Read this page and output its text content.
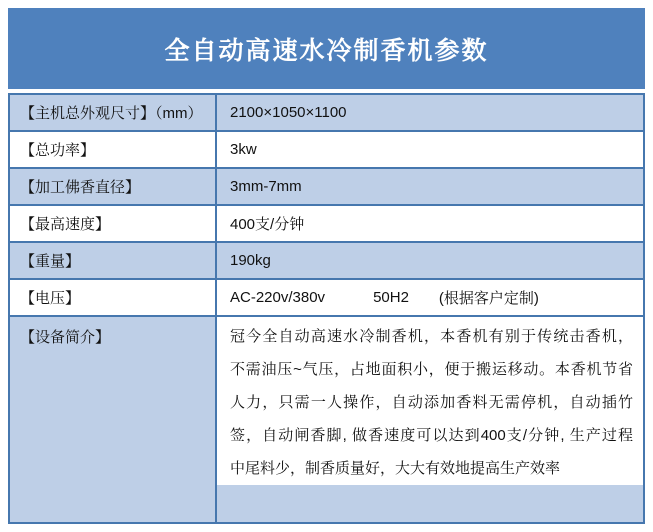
全自动高速水冷制香机参数
【主机总外观尺寸】（mm）	2100×1050×1100
【总功率】	3kw
【加工佛香直径】	3mm-7mm
【最高速度】	400支/分钟
【重量】	190kg
【电压】	AC-220v/380v	50H2 (根据客户定制)
【设备简介】	冠今全自动高速水冷制香机，本香机有别于传统击香机，
不需油压~气压，占地面积小，便于搬运移动。本香机节省
人力，只需一人操作，自动添加香料无需停机，自动插竹
签，自动闸香脚, 做香速度可以达到400支/分钟, 生产过程
中尾料少，制香质量好，大大有效地提高生产效率
